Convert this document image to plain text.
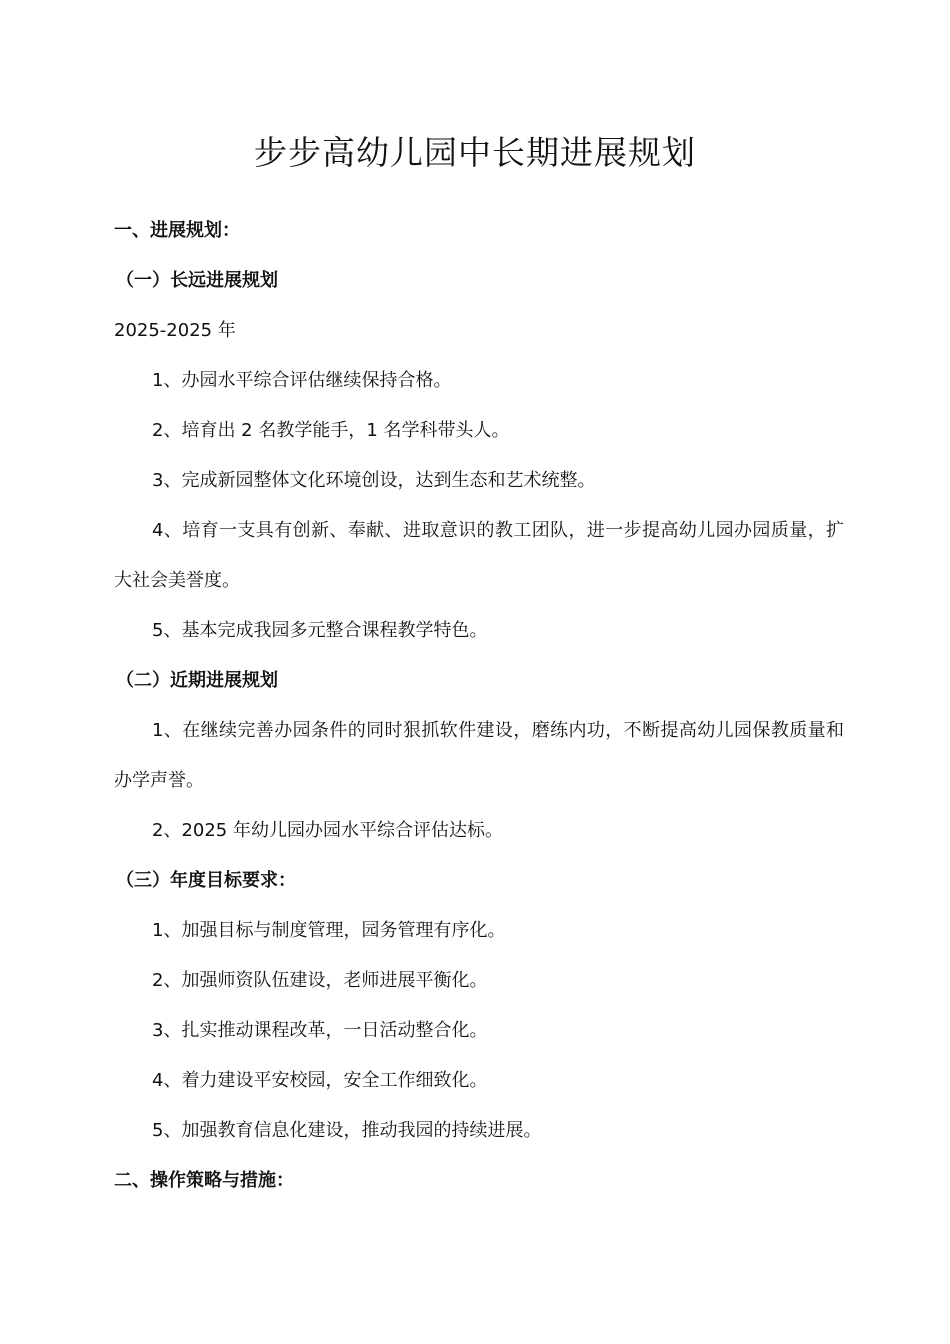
步步高幼儿园中长期进展规划

一、进展规划：

（一）长远进展规划

2025-2025 年

1、办园水平综合评估继续保持合格。

2、培育出 2 名教学能手，1 名学科带头人。

3、完成新园整体文化环境创设，达到生态和艺术统整。

4、培育一支具有创新、奉献、进取意识的教工团队，进一步提高幼儿园办园质量，扩大社会美誉度。

5、基本完成我园多元整合课程教学特色。

（二）近期进展规划

1、在继续完善办园条件的同时狠抓软件建设，磨练内功，不断提高幼儿园保教质量和办学声誉。

2、2025 年幼儿园办园水平综合评估达标。

（三）年度目标要求：

1、加强目标与制度管理，园务管理有序化。

2、加强师资队伍建设，老师进展平衡化。

3、扎实推动课程改革，一日活动整合化。

4、着力建设平安校园，安全工作细致化。

5、加强教育信息化建设，推动我园的持续进展。

二、操作策略与措施：
